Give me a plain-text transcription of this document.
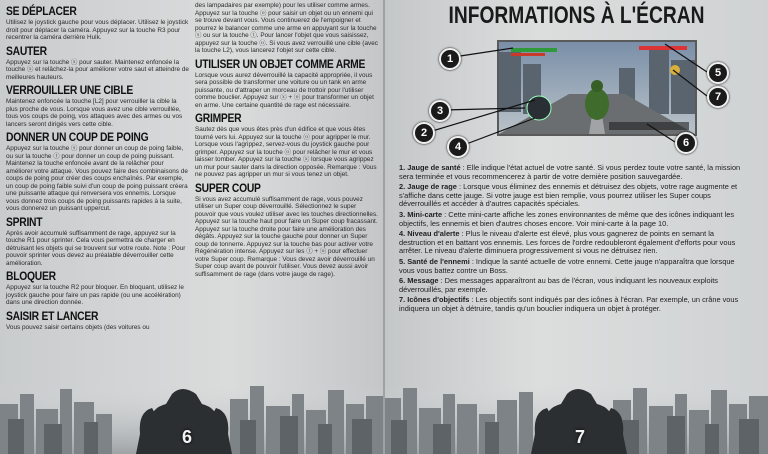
SE DÉPLACER

Utilisez le joystick gauche pour vous déplacer. Utilisez le joystick droit pour déplacer la caméra. Appuyez sur la touche R3 pour recentrer la caméra derrière Hulk.

SAUTER

Appuyez sur la touche ⓧ pour sauter. Maintenez enfoncée la touche ⓧ et relâchez-la pour améliorer votre saut et atteindre de meilleures hauteurs.

VERROUILLER UNE CIBLE

Maintenez enfoncée la touche [L2] pour verrouiller la cible la plus proche de vous. Lorsque vous avez une cible verrouillée, tous vos coups de poing, vos attaques avec des armes ou vos lancers seront dirigés vers cette cible.

DONNER UN COUP DE POING

Appuyez sur la touche ⓢ pour donner un coup de poing faible, ou sur la touche ⓣ pour donner un coup de poing puissant. Maintenez la touche enfoncée avant de la relâcher pour améliorer votre attaque. Vous pouvez faire des combinaisons de coups de poing pour créer des coups enchaînés. Par exemple, un coup de poing faible suivi d'un coup de poing puissant créera une puissante attaque qui renversera vos ennemis. Lorsque vous donnez trois coups de poing puissants rapides à la suite, vous donnerez un puissant uppercut.

SPRINT

Après avoir accumulé suffisamment de rage, appuyez sur la touche R1 pour sprinter. Cela vous permettra de charger en détruisant les objets qui se trouvent sur votre route. Note : Pour pouvoir sprinter vous devez au préalable déverrouiller cette amélioration.

BLOQUER

Appuyez sur la touche R2 pour bloquer. En bloquant, utilisez le joystick gauche pour faire un pas rapide (ou une accélération) dans une direction donnée.

SAISIR ET LANCER

Vous pouvez saisir certains objets (des voitures ou

des lampadaires par exemple) pour les utiliser comme armes. Appuyez sur la touche ⓞ pour saisir un objet ou un ennemi qui se trouve devant vous. Vous continuerez de l'empoigner et pourrez le balancer comme une arme en appuyant sur la touche ⓢ ou sur la touche ⓣ. Pour lancer l'objet que vous saisissez, appuyez sur la touche ⓞ. Si vous avez verrouillé une cible (avec la touche L2), vous lancerez l'objet sur cette cible.

UTILISER UN OBJET COMME ARME

Lorsque vous aurez déverrouillé la capacité appropriée, il vous sera possible de transformer une voiture ou un tank en arme puissante, ou d'attraper un morceau de trottoir pour l'utiliser comme bouclier. Appuyez sur ⓧ + ⓞ pour transformer un objet en arme. Une certaine quantité de rage est nécessaire.

GRIMPER

Sautez dès que vous êtes près d'un édifice et que vous êtes tourné vers lui. Appuyez sur la touche ⓞ pour agripper le mur. Lorsque vous l'agrippez, servez-vous du joystick gauche pour grimper. Appuyez sur la touche ⓞ pour relâcher le mur et vous laisser tomber. Appuyez sur la touche ⓧ lorsque vous agrippez un mur pour sauter dans la direction opposée. Remarque : Vous ne pouvez pas agripper un mur si vous tenez un objet.

SUPER COUP

Si vous avez accumulé suffisamment de rage, vous pouvez utiliser un Super coup déverrouillé. Sélectionnez le super pouvoir que vous voulez utiliser avec les touches directionnelles. Appuyez sur la touche haut pour faire un Super coup fracassant. Appuyez sur la touche droite pour faire une amélioration des dégâts. Appuyez sur la touche gauche pour donner un Super coup de tonnerre. Appuyez sur la touche bas pour activer votre Régénération intense. Appuyez sur les ⓣ + ⓞ pour effectuer votre Super coup. Remarque : Vous devez avoir déverrouillé un Super coup avant de pouvoir l'utiliser. Vous devez aussi avoir suffisamment de rage (dans votre jauge de rage).

6
INFORMATIONS À L'ÉCRAN
1
2
3
4
5
6
7

1. Jauge de santé : Elle indique l'état actuel de votre santé. Si vous perdez toute votre santé, la mission sera terminée et vous recommencerez à partir de votre dernière position sauvegardée.

2. Jauge de rage : Lorsque vous éliminez des ennemis et détruisez des objets, votre rage augmente et s'affiche dans cette jauge. Si votre jauge est bien remplie, vous pourrez utiliser les Super coups déverrouillés et accéder à d'autres capacités spéciales.

3. Mini-carte : Cette mini-carte affiche les zones environnantes de même que des icônes indiquant les objectifs, les ennemis et bien d'autres choses encore. Voir mini-carte à la page 10.

4. Niveau d'alerte : Plus le niveau d'alerte est élevé, plus vous gagnerez de points en semant la destruction et en battant vos ennemis. Les forces de l'ordre redoubleront également d'efforts pour vous arrêter. Le niveau d'alerte diminuera progressivement si vous ne détruisez rien.

5. Santé de l'ennemi : Indique la santé actuelle de votre ennemi. Cette jauge n'apparaîtra que lorsque vous vous battez contre un Boss.

6. Message : Des messages apparaîtront au bas de l'écran, vous indiquant les nouveaux exploits déverrouillés, par exemple.

7. Icônes d'objectifs : Les objectifs sont indiqués par des icônes à l'écran. Par exemple, un crâne vous indiquera un objet à détruire, tandis qu'un bouclier indiquera un objet à protéger.

7
